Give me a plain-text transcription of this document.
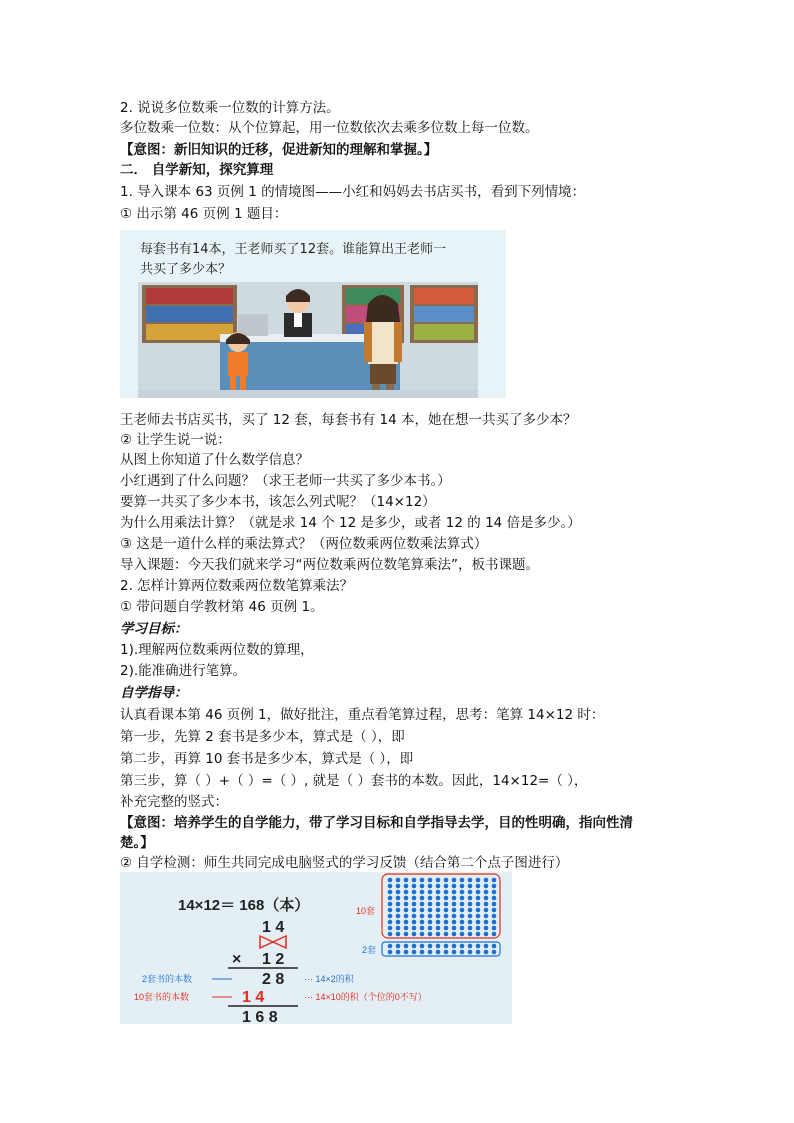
2. 说说多位数乘一位数的计算方法。
多位数乘一位数：从个位算起，用一位数依次去乘多位数上每一位数。
【意图：新旧知识的迁移，促进新知的理解和掌握。】
二． 自学新知，探究算理
1. 导入课本 63 页例 1 的情境图——小红和妈妈去书店买书，看到下列情境：
① 出示第 46 页例 1 题目：
每套书有14本，王老师买了12套。谁能算出王老师一
共买了多少本？
王老师去书店买书，买了 12 套，每套书有 14 本，她在想一共买了多少本？
② 让学生说一说：
从图上你知道了什么数学信息？
小红遇到了什么问题？（求王老师一共买了多少本书。）
要算一共买了多少本书，该怎么列式呢？（14×12）
为什么用乘法计算？（就是求 14 个 12 是多少，或者 12 的 14 倍是多少。）
③ 这是一道什么样的乘法算式？（两位数乘两位数乘法算式）
导入课题：今天我们就来学习“两位数乘两位数笔算乘法”，板书课题。
2. 怎样计算两位数乘两位数笔算乘法？
① 带问题自学教材第 46 页例 1。
学习目标：
1).理解两位数乘两位数的算理，
2).能准确进行笔算。
自学指导：
认真看课本第 46 页例 1，做好批注，重点看笔算过程，思考：笔算 14×12 时：
第一步，先算 2 套书是多少本，算式是（ ），即
第二步，再算 10 套书是多少本，算式是（ ），即
第三步，算（ ）+（ ）=（ ）, 就是（ ）套书的本数。因此，14×12=（ ），
补充完整的竖式：
【意图：培养学生的自学能力，带了学习目标和自学指导去学，目的性明确，指向性清
楚。】
② 自学检测：师生共同完成电脑竖式的学习反馈（结合第二个点子图进行）
14×12＝ 168（本）
1 4
× 1 2
2 8
1 4
1 6 8
2套书的本数
10套书的本数
··· 14×2的积
··· 14×10的积（个位的0不写）
10套
2套
